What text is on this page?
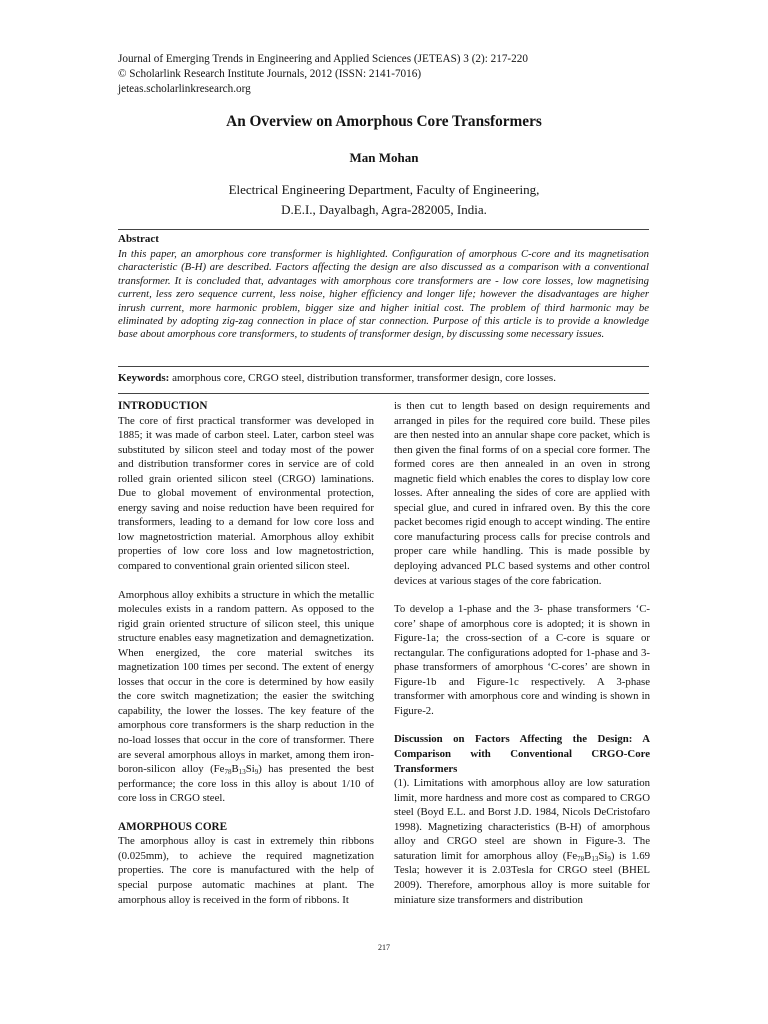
Journal of Emerging Trends in Engineering and Applied Sciences (JETEAS) 3 (2): 217-220
© Scholarlink Research Institute Journals, 2012 (ISSN: 2141-7016)
jeteas.scholarlinkresearch.org
An Overview on Amorphous Core Transformers
Man Mohan
Electrical Engineering Department, Faculty of Engineering,
D.E.I., Dayalbagh, Agra-282005, India.
Abstract
In this paper, an amorphous core transformer is highlighted. Configuration of amorphous C-core and its magnetisation characteristic (B-H) are described. Factors affecting the design are also discussed as a comparison with a conventional transformer. It is concluded that, advantages with amorphous core transformers are - low core losses, low magnetising current, less zero sequence current, less noise, higher efficiency and longer life; however the disadvantages are higher inrush current, more harmonic problem, bigger size and higher initial cost. The problem of third harmonic may be eliminated by adopting zig-zag connection in place of star connection. Purpose of this article is to provide a knowledge base about amorphous core transformers, to students of transformer design, by discussing some necessary issues.
Keywords: amorphous core, CRGO steel, distribution transformer, transformer design, core losses.
INTRODUCTION

The core of first practical transformer was developed in 1885; it was made of carbon steel. Later, carbon steel was substituted by silicon steel and today most of the power and distribution transformer cores in service are of cold rolled grain oriented silicon steel (CRGO) laminations. Due to global movement of environmental protection, energy saving and noise reduction have been required for transformers, leading to a demand for low core loss and low magnetostriction material. Amorphous alloy exhibit properties of low core loss and low magnetostriction, compared to conventional grain oriented silicon steel.

Amorphous alloy exhibits a structure in which the metallic molecules exists in a random pattern. As opposed to the rigid grain oriented structure of silicon steel, this unique structure enables easy magnetization and demagnetization. When energized, the core material switches its magnetization 100 times per second. The extent of energy losses that occur in the core is determined by how easily the core switch magnetization; the easier the switching capability, the lower the losses. The key feature of the amorphous core transformers is the sharp reduction in the no-load losses that occur in the core of transformer. There are several amorphous alloys in market, among them iron-boron-silicon alloy $(Fe_{78}B_{13}Si_9)$ has presented the best performance; the core loss in this alloy is about 1/10 of core loss in CRGO steel.

AMORPHOUS CORE

The amorphous alloy is cast in extremely thin ribbons (0.025mm), to achieve the required magnetization properties. The core is manufactured with the help of special purpose automatic machines at plant. The amorphous alloy is received in the form of ribbons. It

is then cut to length based on design requirements and arranged in piles for the required core build. These piles are then nested into an annular shape core packet, which is then given the final forms of on a special core former. The formed cores are then annealed in an oven in strong magnetic field which enables the cores to display low core losses. After annealing the sides of core are applied with special glue, and cured in infrared oven. By this the core packet becomes rigid enough to accept winding. The entire core manufacturing process calls for precise controls and proper care while handling. This is made possible by deploying advanced PLC based systems and other control devices at various stages of the core fabrication.

To develop a 1-phase and the 3- phase transformers ‘C-core’ shape of amorphous core is adopted; it is shown in Figure-1a; the cross-section of a C-core is square or rectangular. The configurations adopted for 1-phase and 3-phase transformers of amorphous ‘C-cores’ are shown in Figure-1b and Figure-1c respectively. A 3-phase transformer with amorphous core and winding is shown in Figure-2.

Discussion on Factors Affecting the Design: A Comparison with Conventional CRGO-Core Transformers

(1). Limitations with amorphous alloy are low saturation limit, more hardness and more cost as compared to CRGO steel (Boyd E.L. and Borst J.D. 1984, Nicols DeCristofaro 1998). Magnetizing characteristics (B-H) of amorphous alloy and CRGO steel are shown in Figure-3. The saturation limit for amorphous alloy $(Fe_{78}B_{13}Si_9)$ is 1.69 Tesla; however it is 2.03Tesla for CRGO steel (BHEL 2009). Therefore, amorphous alloy is more suitable for miniature size transformers and distribution

217
